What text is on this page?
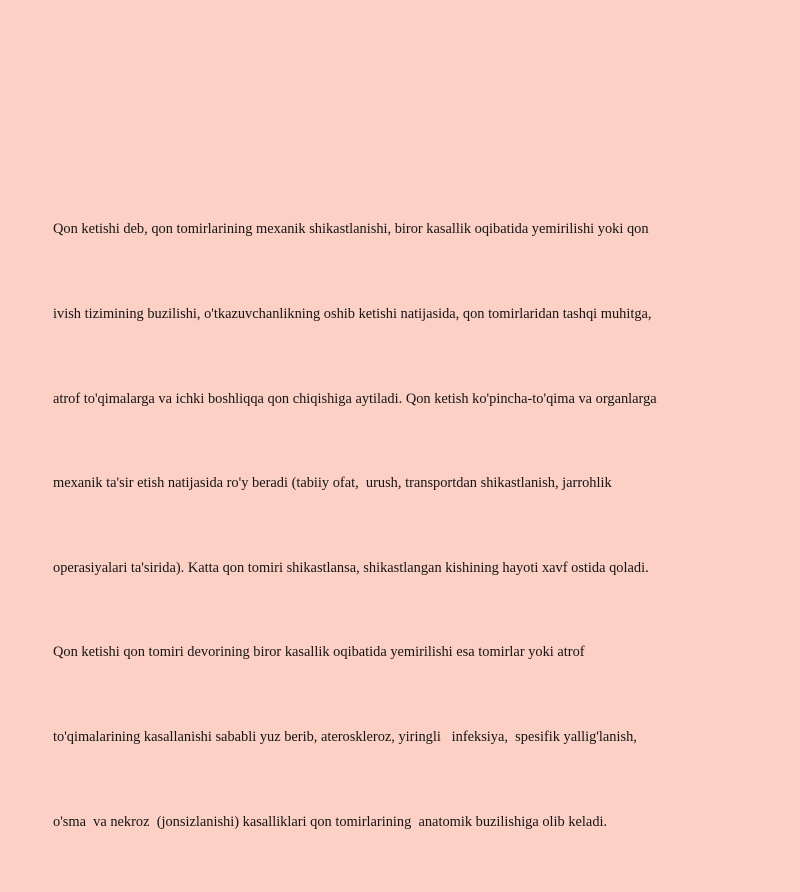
Qon ketishi deb, qon tomirlarining mexanik shikastlanishi, biror kasallik oqibatida yemirilishi yoki qon

ivish tizimining buzilishi, o'tkazuvchanlikning oshib ketishi natijasida, qon tomirlaridan tashqi muhitga,

atrof to'qimalarga va ichki boshliqqa qon chiqishiga aytiladi. Qon ketish ko'pincha-to'qima va organlarga

mexanik ta'sir etish natijasida ro'y beradi (tabiiy ofat,  urush, transportdan shikastlanish, jarrohlik

operasiyalari ta'sirida). Katta qon tomiri shikastlansa, shikastlangan kishining hayoti xavf ostida qoladi.

Qon ketishi qon tomiri devorining biror kasallik oqibatida yemirilishi esa tomirlar yoki atrof

to'qimalarining kasallanishi sababli yuz berib, ateroskleroz, yiringli   infeksiya,  spesifik yallig'lanish,

o'sma  va nekroz  (jonsizlanishi) kasalliklari qon tomirlarining  anatomik buzilishiga olib keladi.
